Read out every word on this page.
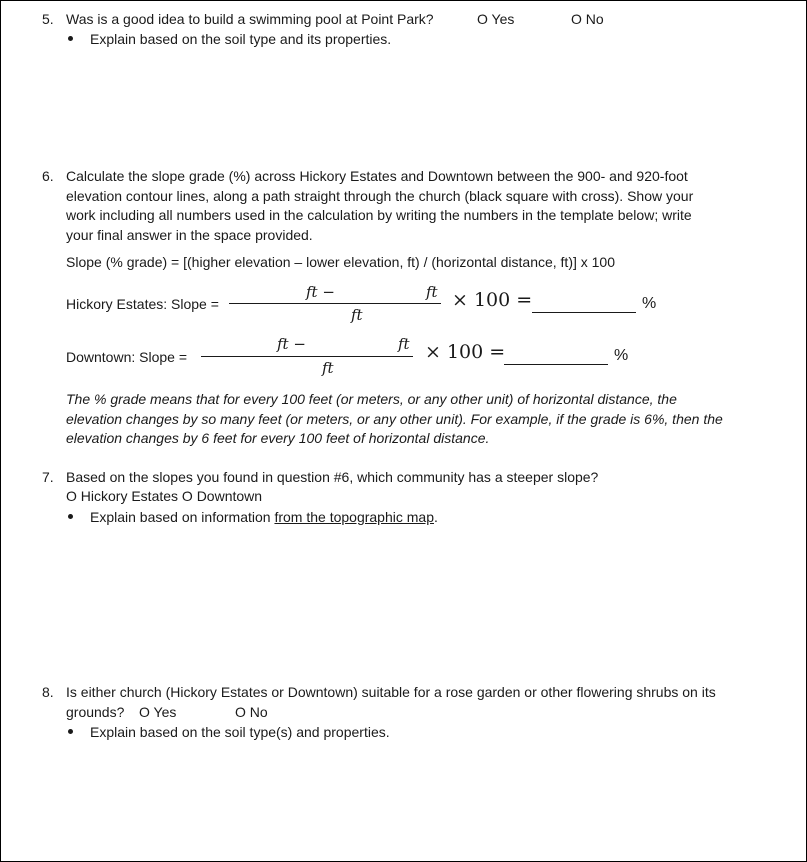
5. Was is a good idea to build a swimming pool at Point Park?	O Yes	O No
Explain based on the soil type and its properties.
6. Calculate the slope grade (%) across Hickory Estates and Downtown between the 900- and 920-foot
elevation contour lines, along a path straight through the church (black square with cross). Show your
work including all numbers used in the calculation by writing the numbers in the template below; write
your final answer in the space provided.
Slope (% grade) = [(higher elevation – lower elevation, ft) / (horizontal distance, ft)] x 100
Hickory Estates: Slope =
ft −	ft
ft
× 100 =	%
Downtown: Slope =
ft −	ft
ft
× 100 =	%
The % grade means that for every 100 feet (or meters, or any other unit) of horizontal distance, the
elevation changes by so many feet (or meters, or any other unit). For example, if the grade is 6%, then the
elevation changes by 6 feet for every 100 feet of horizontal distance.
7. Based on the slopes you found in question #6, which community has a steeper slope?
O Hickory Estates O Downtown
Explain based on information from the topographic map.
8. Is either church (Hickory Estates or Downtown) suitable for a rose garden or other flowering shrubs on its
grounds? O Yes	O No
Explain based on the soil type(s) and properties.
